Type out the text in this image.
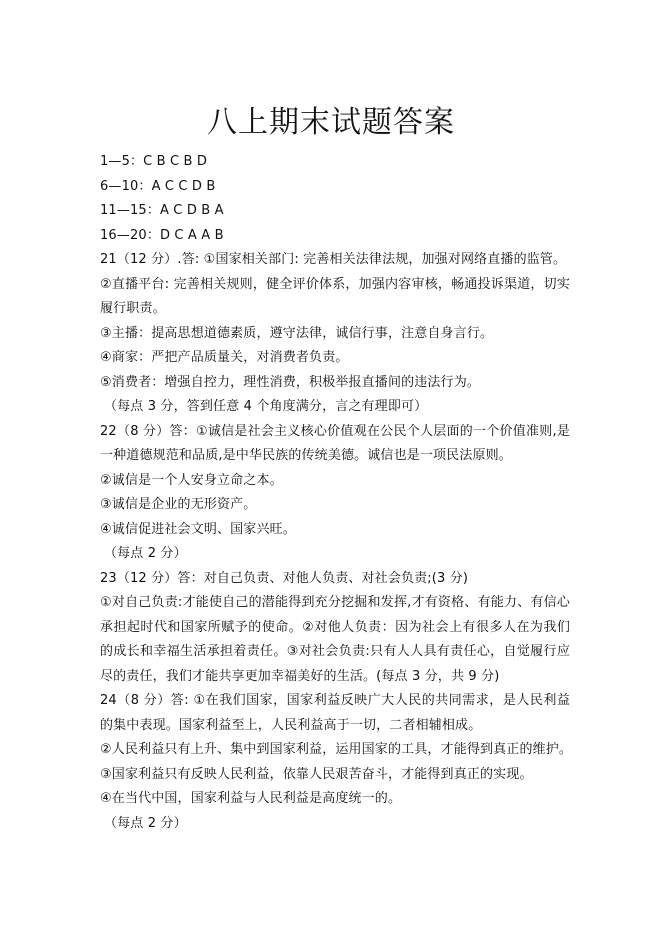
八上期末试题答案
1—5：C B C B D
6—10：A C C D B
11—15：A C D B A
16—20：D C A A B
21（12 分）.答: ①国家相关部门: 完善相关法律法规，加强对网络直播的监管。
②直播平台: 完善相关规则，健全评价体系，加强内容审核，畅通投诉渠道，切实履行职责。
③主播：提高思想道德素质，遵守法律，诚信行事，注意自身言行。
④商家：严把产品质量关，对消费者负责。
⑤消费者：增强自控力，理性消费，积极举报直播间的违法行为。
（每点 3 分，答到任意 4 个角度满分，言之有理即可）
22（8 分）答：①诚信是社会主义核心价值观在公民个人层面的一个价值准则,是一种道德规范和品质,是中华民族的传统美德。诚信也是一项民法原则。
②诚信是一个人安身立命之本。
③诚信是企业的无形资产。
④诚信促进社会文明、国家兴旺。
（每点 2 分）
23（12 分）答：对自己负责、对他人负责、对社会负责;(3 分)
①对自己负责:才能使自己的潜能得到充分挖掘和发挥,才有资格、有能力、有信心承担起时代和国家所赋予的使命。②对他人负责：因为社会上有很多人在为我们的成长和幸福生活承担着责任。③对社会负责:只有人人具有责任心，自觉履行应尽的责任，我们才能共享更加幸福美好的生活。(每点 3 分，共 9 分)
24（8 分）答: ①在我们国家，国家利益反映广大人民的共同需求，是人民利益的集中表现。国家利益至上，人民利益高于一切，二者相辅相成。
②人民利益只有上升、集中到国家利益，运用国家的工具，才能得到真正的维护。
③国家利益只有反映人民利益，依靠人民艰苦奋斗，才能得到真正的实现。
④在当代中国，国家利益与人民利益是高度统一的。
（每点 2 分）
